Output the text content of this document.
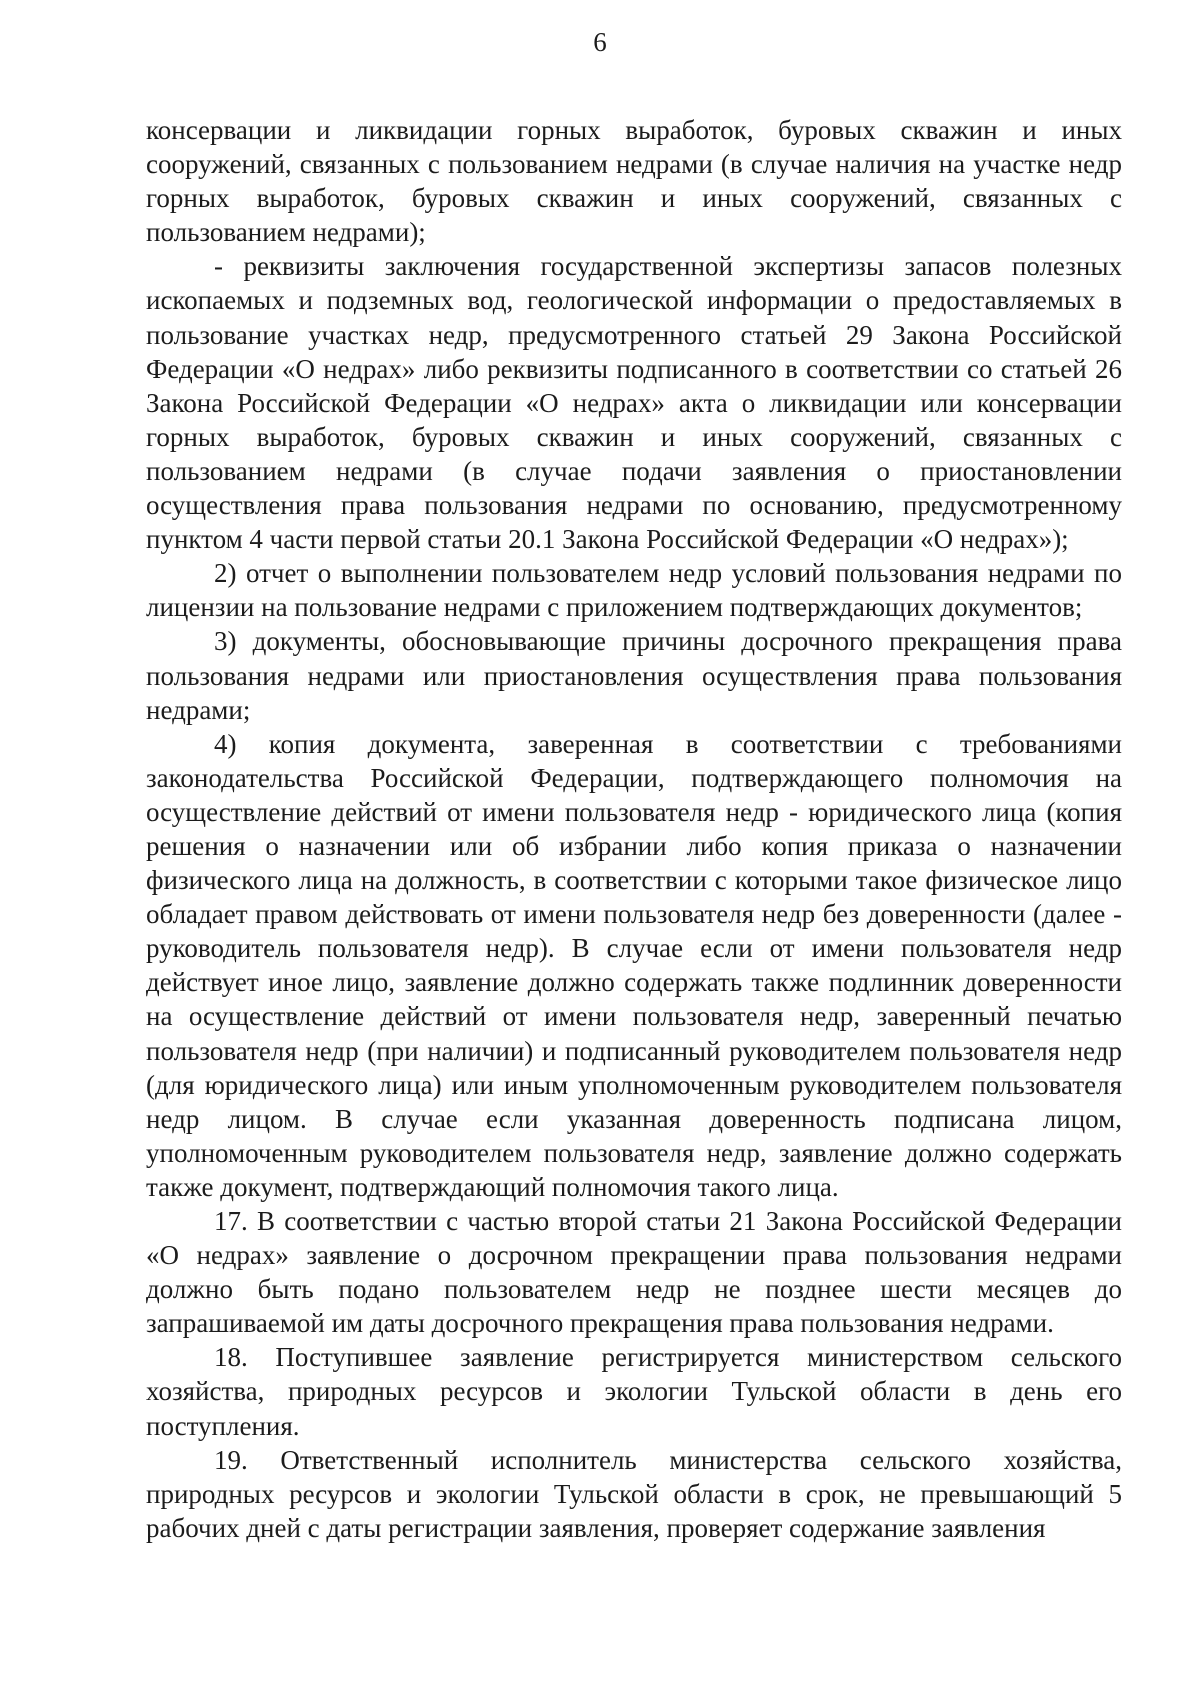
6

консервации и ликвидации горных выработок, буровых скважин и иных сооружений, связанных с пользованием недрами (в случае наличия на участке недр горных выработок, буровых скважин и иных сооружений, связанных с пользованием недрами);

- реквизиты заключения государственной экспертизы запасов полезных ископаемых и подземных вод, геологической информации о предоставляемых в пользование участках недр, предусмотренного статьей 29 Закона Российской Федерации «О недрах» либо реквизиты подписанного в соответствии со статьей 26 Закона Российской Федерации «О недрах» акта о ликвидации или консервации горных выработок, буровых скважин и иных сооружений, связанных с пользованием недрами (в случае подачи заявления о приостановлении осуществления права пользования недрами по основанию, предусмотренному пунктом 4 части первой статьи 20.1 Закона Российской Федерации «О недрах»);

2) отчет о выполнении пользователем недр условий пользования недрами по лицензии на пользование недрами с приложением подтверждающих документов;

3) документы, обосновывающие причины досрочного прекращения права пользования недрами или приостановления осуществления права пользования недрами;

4) копия документа, заверенная в соответствии с требованиями законодательства Российской Федерации, подтверждающего полномочия на осуществление действий от имени пользователя недр - юридического лица (копия решения о назначении или об избрании либо копия приказа о назначении физического лица на должность, в соответствии с которыми такое физическое лицо обладает правом действовать от имени пользователя недр без доверенности (далее - руководитель пользователя недр). В случае если от имени пользователя недр действует иное лицо, заявление должно содержать также подлинник доверенности на осуществление действий от имени пользователя недр, заверенный печатью пользователя недр (при наличии) и подписанный руководителем пользователя недр (для юридического лица) или иным уполномоченным руководителем пользователя недр лицом. В случае если указанная доверенность подписана лицом, уполномоченным руководителем пользователя недр, заявление должно содержать также документ, подтверждающий полномочия такого лица.

17. В соответствии с частью второй статьи 21 Закона Российской Федерации «О недрах» заявление о досрочном прекращении права пользования недрами должно быть подано пользователем недр не позднее шести месяцев до запрашиваемой им даты досрочного прекращения права пользования недрами.

18. Поступившее заявление регистрируется министерством сельского хозяйства, природных ресурсов и экологии Тульской области в день его поступления.

19. Ответственный исполнитель министерства сельского хозяйства, природных ресурсов и экологии Тульской области в срок, не превышающий 5 рабочих дней с даты регистрации заявления, проверяет содержание заявления
